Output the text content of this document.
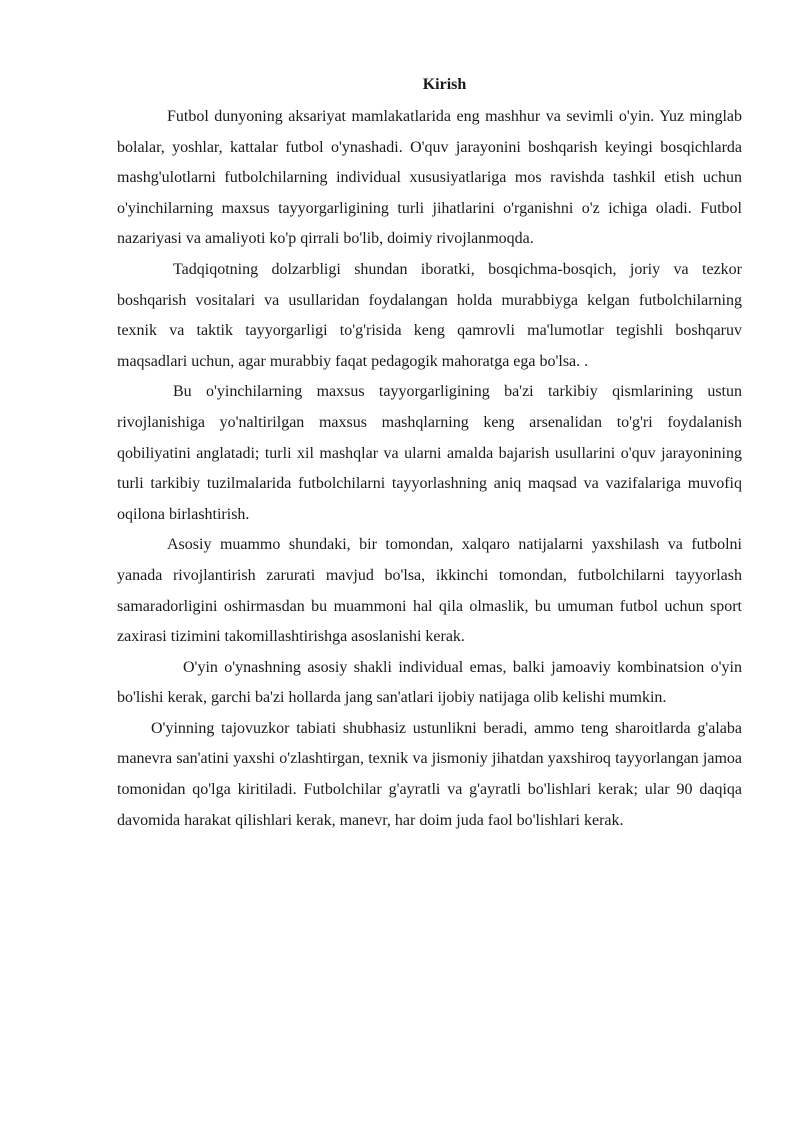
Kirish

Futbol dunyoning aksariyat mamlakatlarida eng mashhur va sevimli o'yin. Yuz minglab bolalar, yoshlar, kattalar futbol o'ynashadi. O'quv jarayonini boshqarish keyingi bosqichlarda mashg'ulotlarni futbolchilarning individual xususiyatlariga mos ravishda tashkil etish uchun o'yinchilarning maxsus tayyorgarligining turli jihatlarini o'rganishni o'z ichiga oladi. Futbol nazariyasi va amaliyoti ko'p qirrali bo'lib, doimiy rivojlanmoqda.

Tadqiqotning dolzarbligi shundan iboratki, bosqichma-bosqich, joriy va tezkor boshqarish vositalari va usullaridan foydalangan holda murabbiyga kelgan futbolchilarning texnik va taktik tayyorgarligi to'g'risida keng qamrovli ma'lumotlar tegishli boshqaruv maqsadlari uchun, agar murabbiy faqat pedagogik mahoratga ega bo'lsa. .

Bu o'yinchilarning maxsus tayyorgarligining ba'zi tarkibiy qismlarining ustun rivojlanishiga yo'naltirilgan maxsus mashqlarning keng arsenalidan to'g'ri foydalanish qobiliyatini anglatadi; turli xil mashqlar va ularni amalda bajarish usullarini o'quv jarayonining turli tarkibiy tuzilmalarida futbolchilarni tayyorlashning aniq maqsad va vazifalariga muvofiq oqilona birlashtirish.

Asosiy muammo shundaki, bir tomondan, xalqaro natijalarni yaxshilash va futbolni yanada rivojlantirish zarurati mavjud bo'lsa, ikkinchi tomondan, futbolchilarni tayyorlash samaradorligini oshirmasdan bu muammoni hal qila olmaslik, bu umuman futbol uchun sport zaxirasi tizimini takomillashtirishga asoslanishi kerak.

O'yin o'ynashning asosiy shakli individual emas, balki jamoaviy kombinatsion o'yin bo'lishi kerak, garchi ba'zi hollarda jang san'atlari ijobiy natijaga olib kelishi mumkin.

O'yinning tajovuzkor tabiati shubhasiz ustunlikni beradi, ammo teng sharoitlarda g'alaba manevra san'atini yaxshi o'zlashtirgan, texnik va jismoniy jihatdan yaxshiroq tayyorlangan jamoa tomonidan qo'lga kiritiladi. Futbolchilar g'ayratli va g'ayratli bo'lishlari kerak; ular 90 daqiqa davomida harakat qilishlari kerak, manevr, har doim juda faol bo'lishlari kerak.
